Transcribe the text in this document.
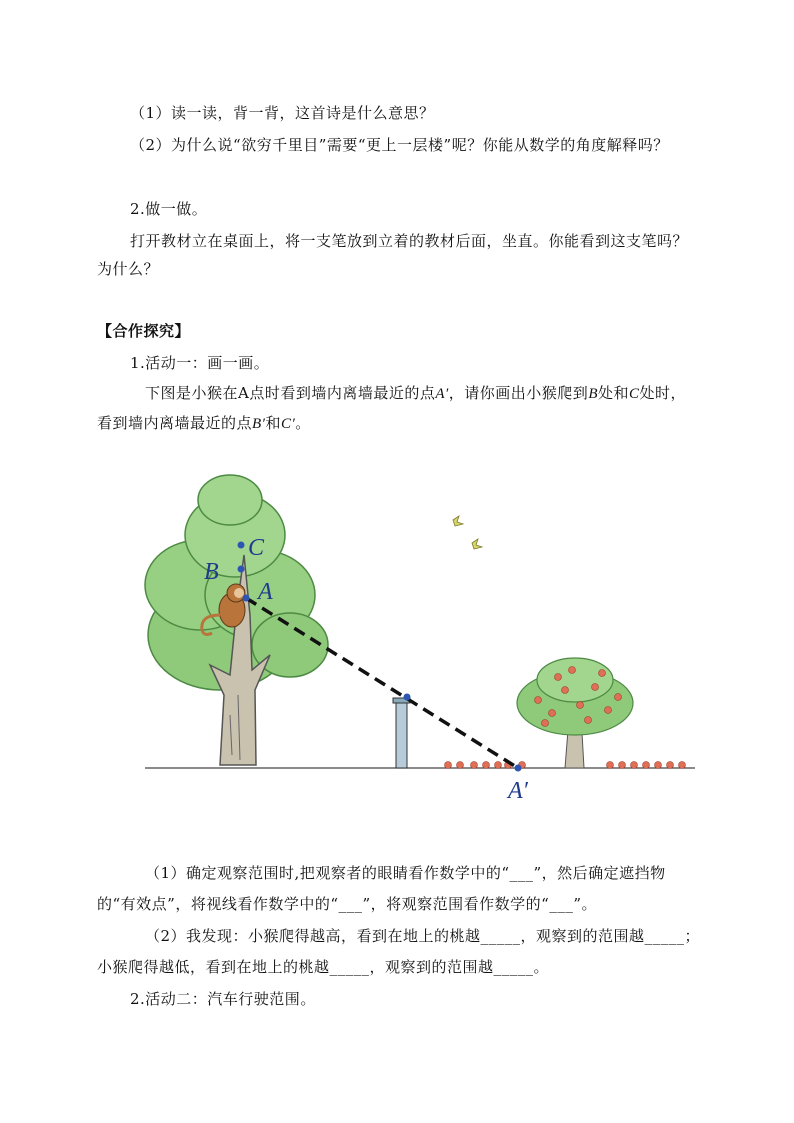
（1）读一读，背一背，这首诗是什么意思？
（2）为什么说“欲穷千里目”需要“更上一层楼”呢？你能从数学的角度解释吗？
2.做一做。
打开教材立在桌面上，将一支笔放到立着的教材后面，坐直。你能看到这支笔吗？
为什么？
【合作探究】
1.活动一：画一画。
下图是小猴在A点时看到墙内离墙最近的点A′，请你画出小猴爬到B处和C处时，
看到墙内离墙最近的点B′和C′。
A
B
C
A′
（1）确定观察范围时,把观察者的眼睛看作数学中的“___”，然后确定遮挡物
的“有效点”，将视线看作数学中的“___”，将观察范围看作数学的“___”。
（2）我发现：小猴爬得越高，看到在地上的桃越_____，观察到的范围越_____；
小猴爬得越低，看到在地上的桃越_____，观察到的范围越_____。
2.活动二：汽车行驶范围。
